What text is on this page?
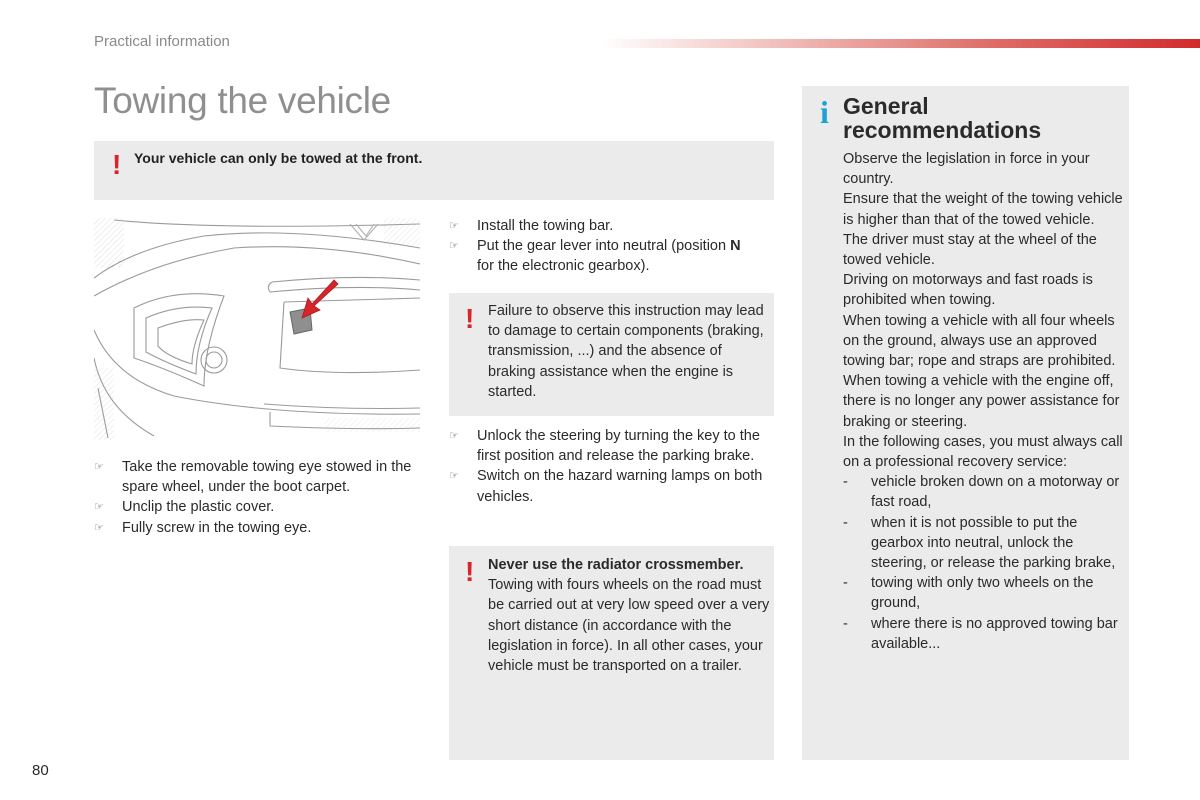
Practical information
Towing the vehicle
! Your vehicle can only be towed at the front.
☞	Take the removable towing eye stowed in the spare wheel, under the boot carpet.
☞	Unclip the plastic cover.
☞	Fully screw in the towing eye.
☞	Install the towing bar.
☞	Put the gear lever into neutral (position N
for the electronic gearbox).
! Failure to observe this instruction may lead to damage to certain components (braking, transmission, ...) and the absence of braking assistance when the engine is started.

☞	Unlock the steering by turning the key to the first position and release the parking brake.
☞	Switch on the hazard warning lamps on both vehicles.
! Never use the radiator crossmember.
Towing with fours wheels on the road must be carried out at very low speed over a very short distance (in accordance with the legislation in force). In all other cases, your vehicle must be transported on a trailer.

i General recommendations
Observe the legislation in force in your country.
Ensure that the weight of the towing vehicle is higher than that of the towed vehicle.
The driver must stay at the wheel of the towed vehicle.
Driving on motorways and fast roads is prohibited when towing.
When towing a vehicle with all four wheels on the ground, always use an approved towing bar; rope and straps are prohibited.
When towing a vehicle with the engine off, there is no longer any power assistance for braking or steering.
In the following cases, you must always call on a professional recovery service:
- vehicle broken down on a motorway or fast road,
- when it is not possible to put the gearbox into neutral, unlock the steering, or release the parking brake,
- towing with only two wheels on the ground,
- where there is no approved towing bar available...
80
